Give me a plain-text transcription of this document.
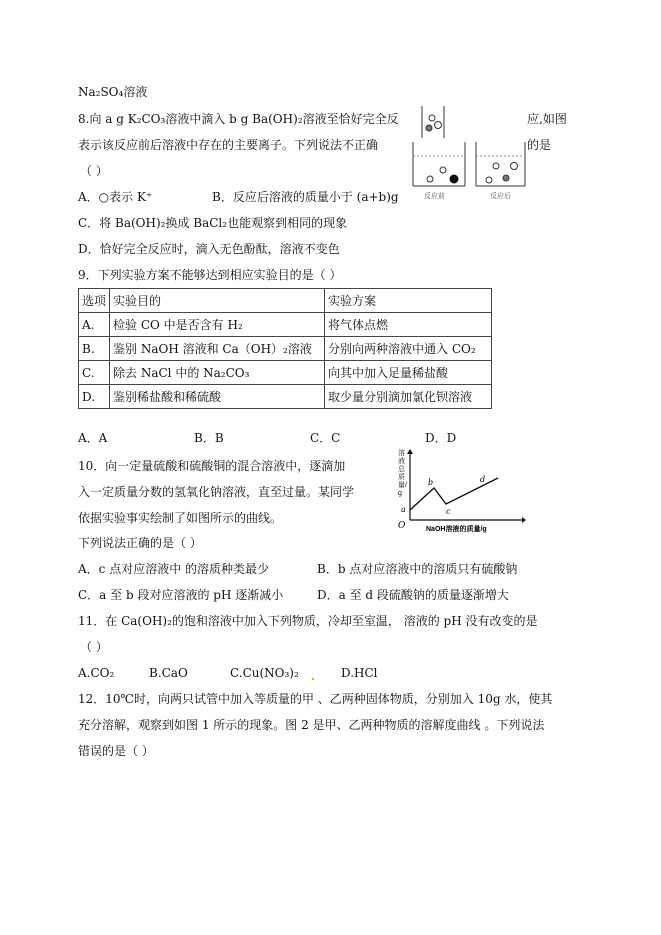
Na₂SO₄溶液
8.向 a g K₂CO₃溶液中滴入 b g Ba(OH)₂溶液至恰好完全反	应,如图
表示该反应前后溶液中存在的主要离子。下列说法不正确	的是
（ ）
反应前	反应后
A．○表示 K⁺	B．反应后溶液的质量小于 (a+b)g
C．将 Ba(OH)₂换成 BaCl₂也能观察到相同的现象
D．恰好完全反应时，滴入无色酚酞，溶液不变色
9．下列实验方案不能够达到相应实验目的是（ ）
选项	实验目的	实验方案
A.	检验 CO 中是否含有 H₂	将气体点燃
B.	鉴别 NaOH 溶液和 Ca（OH）₂溶液	分别向两种溶液中通入 CO₂
C.	除去 NaCl 中的 Na₂CO₃	向其中加入足量稀盐酸
D.	鉴别稀盐酸和稀硫酸	取少量分别滴加氯化钡溶液
A．A	B．B	C．C	D．D
10．向一定量硫酸和硫酸铜的混合溶液中，逐滴加
入一定质量分数的氢氧化钠溶液，直至过量。某同学
依据实验事实绘制了如图所示的曲线。
下列说法正确的是（ ）
O
a
b
c
d
NaOH溶液的质量/g
溶液总质量/g
A．c 点对应溶液中 的溶质种类最少	B．b 点对应溶液中的溶质只有硫酸钠
C．a 至 b 段对应溶液的 pH 逐渐减小	D．a 至 d 段硫酸钠的质量逐渐增大
11．在 Ca(OH)₂的饱和溶液中加入下列物质，冷却至室温， 溶液的 pH 没有改变的是
（ ）
A.CO₂	B.CaO	C.Cu(NO₃)₂	D.HCl
12．10℃时，向两只试管中加入等质量的甲 、乙两种固体物质，分别加入 10g 水，使其
充分溶解，观察到如图 1 所示的现象。图 2 是甲、乙两种物质的溶解度曲线 。下列说法
错误的是（ ）
